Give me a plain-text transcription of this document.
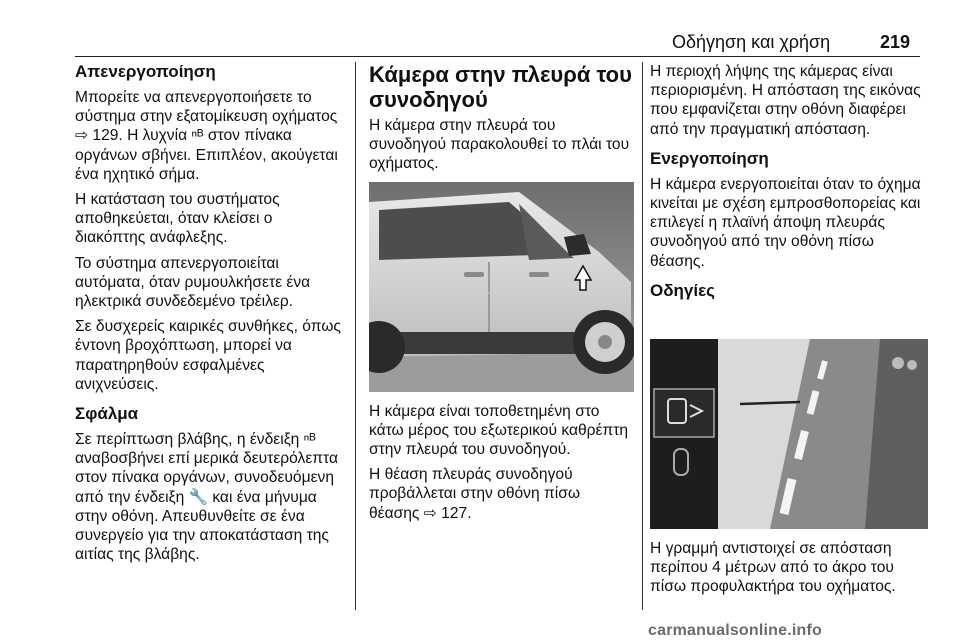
Οδήγηση και χρήση	219
Απενεργοποίηση

Μπορείτε να απενεργοποιήσετε το σύστημα στην εξατομίκευση οχήματος ⇨ 129. Η λυχνία ⁿᴮ στον πίνακα οργάνων σβήνει. Επιπλέον, ακούγεται ένα ηχητικό σήμα.

Η κατάσταση του συστήματος αποθηκεύεται, όταν κλείσει ο διακόπτης ανάφλεξης.

Το σύστημα απενεργοποιείται αυτόματα, όταν ρυμουλκήσετε ένα ηλεκτρικά συνδεδεμένο τρέιλερ.

Σε δυσχερείς καιρικές συνθήκες, όπως έντονη βροχόπτωση, μπορεί να παρατηρηθούν εσφαλμένες ανιχνεύσεις.

Σφάλμα

Σε περίπτωση βλάβης, η ένδειξη ⁿᴮ αναβοσβήνει επί μερικά δευτερόλεπτα στον πίνακα οργάνων, συνοδευόμενη από την ένδειξη 🔧 και ένα μήνυμα στην οθόνη. Απευθυνθείτε σε ένα συνεργείο για την αποκατάσταση της αιτίας της βλάβης.

Κάμερα στην πλευρά του συνοδηγού

Η κάμερα στην πλευρά του συνοδηγού παρακολουθεί το πλάι του οχήματος.

Η κάμερα είναι τοποθετημένη στο κάτω μέρος του εξωτερικού καθρέπτη στην πλευρά του συνοδηγού.

Η θέαση πλευράς συνοδηγού προβάλλεται στην οθόνη πίσω θέασης ⇨ 127.

Η περιοχή λήψης της κάμερας είναι περιορισμένη. Η απόσταση της εικόνας που εμφανίζεται στην οθόνη διαφέρει από την πραγματική απόσταση.

Ενεργοποίηση

Η κάμερα ενεργοποιείται όταν το όχημα κινείται με σχέση εμπροσθοπορείας και επιλεγεί η πλαϊνή άποψη πλευράς συνοδηγού από την οθόνη πίσω θέασης.

Οδηγίες

Η γραμμή αντιστοιχεί σε απόσταση περίπου 4 μέτρων από το άκρο του πίσω προφυλακτήρα του οχήματος.

carmanualsonline.info
